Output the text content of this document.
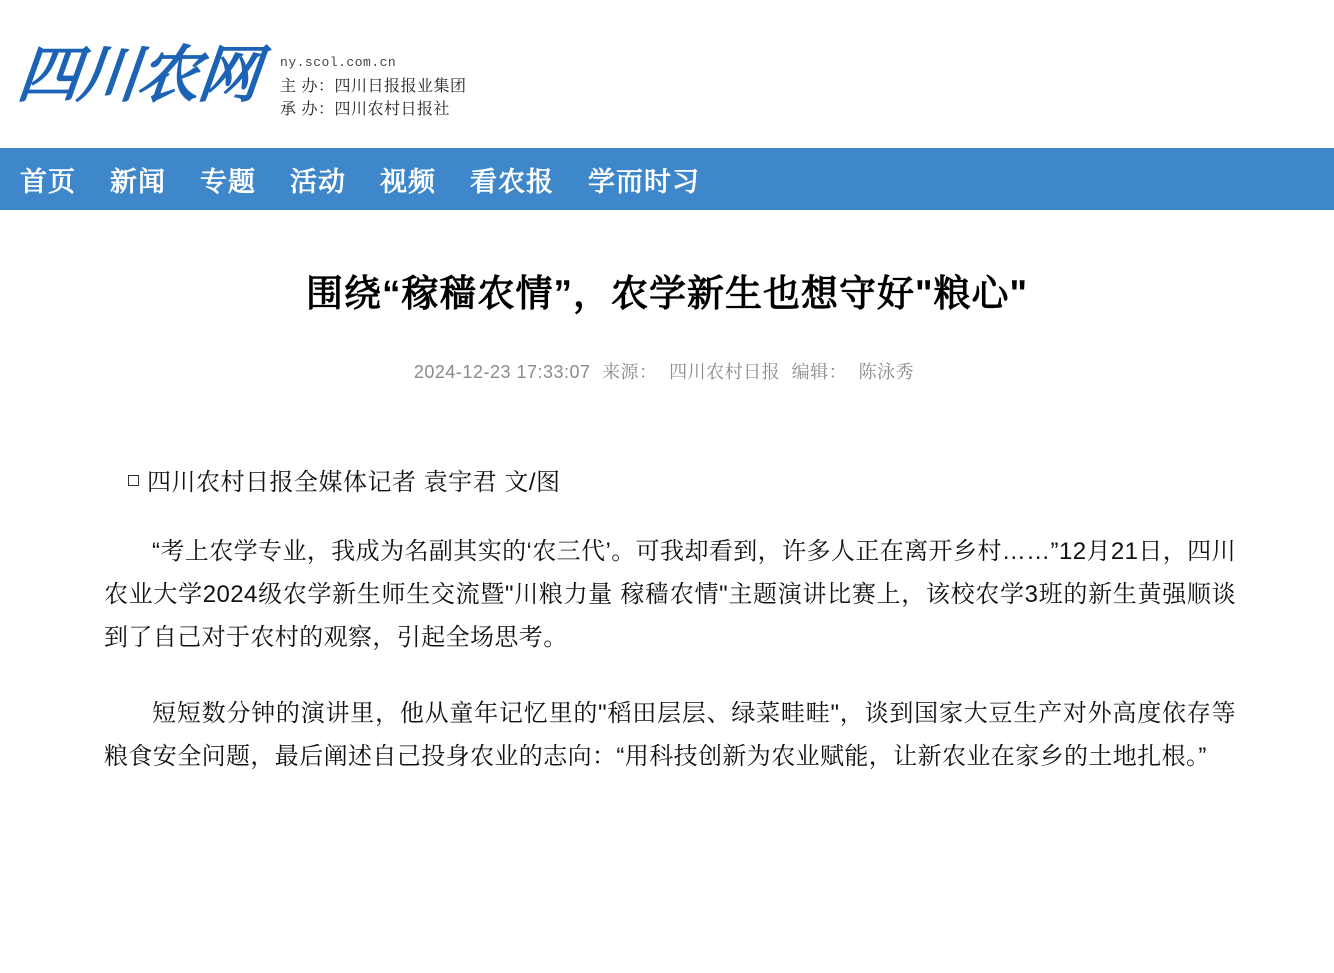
四川农网 ny.scol.com.cn
主 办：四川日报报业集团
承 办：四川农村日报社
首页 新闻 专题 活动 视频 看农报 学而时习
围绕“稼穑农情”，农学新生也想守好"粮心"
2024-12-23 17:33:07 来源： 四川农村日报 编辑： 陈泳秀
四川农村日报全媒体记者 袁宇君 文/图

“考上农学专业，我成为名副其实的‘农三代’。可我却看到，许多人正在离开乡村……”12月21日，四川农业大学2024级农学新生师生交流暨"川粮力量 稼穑农情"主题演讲比赛上，该校农学3班的新生黄强顺谈到了自己对于农村的观察，引起全场思考。

短短数分钟的演讲里，他从童年记忆里的"稻田层层、绿菜畦畦"，谈到国家大豆生产对外高度依存等粮食安全问题，最后阐述自己投身农业的志向：“用科技创新为农业赋能，让新农业在家乡的土地扎根。”
